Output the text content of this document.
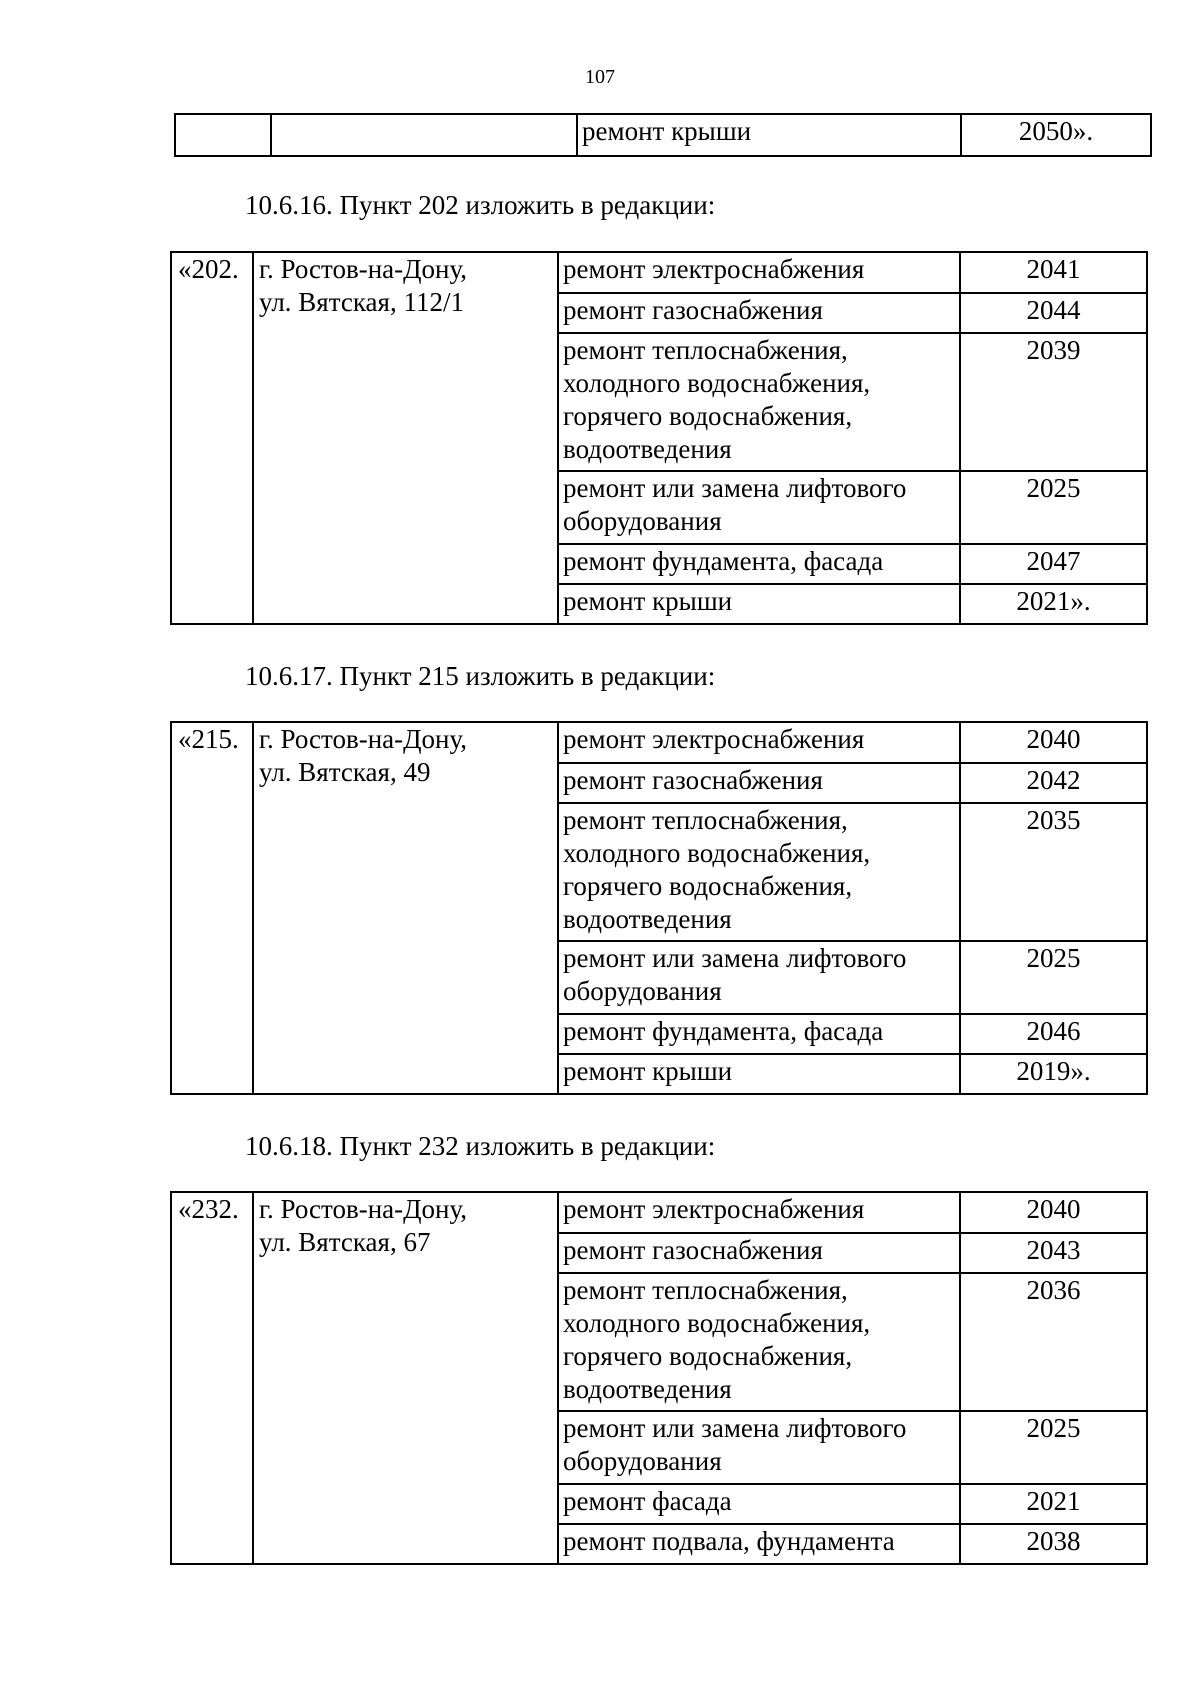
107
		ремонт крыши	2050».
10.6.16. Пункт 202 изложить в редакции:
«202.	г. Ростов-на-Дону,
ул. Вятская, 112/1	ремонт электроснабжения	2041

		ремонт газоснабжения	2044

		ремонт теплоснабжения,
холодного водоснабжения,
горячего водоснабжения,
водоотведения	2039

		ремонт или замена лифтового
оборудования	2025

		ремонт фундамента, фасада	2047

		ремонт крыши	2021».
10.6.17. Пункт 215 изложить в редакции:
«215.	г. Ростов-на-Дону,
ул. Вятская, 49	ремонт электроснабжения	2040

		ремонт газоснабжения	2042

		ремонт теплоснабжения,
холодного водоснабжения,
горячего водоснабжения,
водоотведения	2035

		ремонт или замена лифтового
оборудования	2025

		ремонт фундамента, фасада	2046

		ремонт крыши	2019».
10.6.18. Пункт 232 изложить в редакции:
«232.	г. Ростов-на-Дону,
ул. Вятская, 67	ремонт электроснабжения	2040

		ремонт газоснабжения	2043

		ремонт теплоснабжения,
холодного водоснабжения,
горячего водоснабжения,
водоотведения	2036

		ремонт или замена лифтового
оборудования	2025

		ремонт фасада	2021

		ремонт подвала, фундамента	2038
